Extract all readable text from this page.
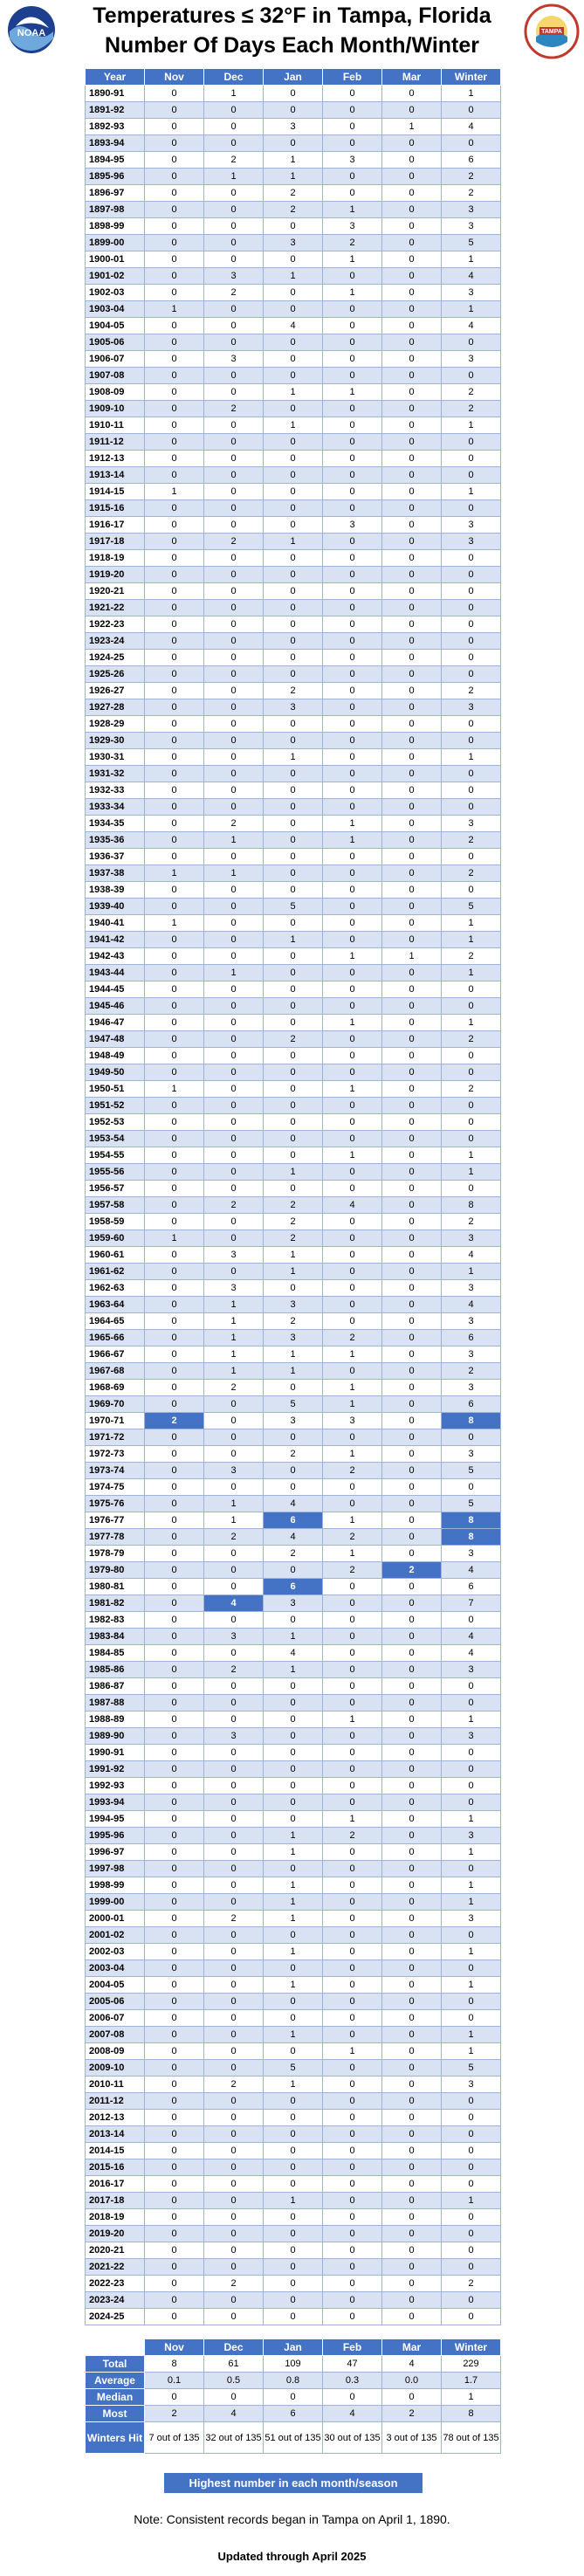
NOAA
Temperatures ≤ 32°F in Tampa, Florida
Number Of Days Each Month/Winter
TAMPA
Year	Nov	Dec	Jan	Feb	Mar	Winter
1890-91	0	1	0	0	0	1
1891-92	0	0	0	0	0	0
1892-93	0	0	3	0	1	4
1893-94	0	0	0	0	0	0
1894-95	0	2	1	3	0	6
1895-96	0	1	1	0	0	2
1896-97	0	0	2	0	0	2
1897-98	0	0	2	1	0	3
1898-99	0	0	0	3	0	3
1899-00	0	0	3	2	0	5
1900-01	0	0	0	1	0	1
1901-02	0	3	1	0	0	4
1902-03	0	2	0	1	0	3
1903-04	1	0	0	0	0	1
1904-05	0	0	4	0	0	4
1905-06	0	0	0	0	0	0
1906-07	0	3	0	0	0	3
1907-08	0	0	0	0	0	0
1908-09	0	0	1	1	0	2
1909-10	0	2	0	0	0	2
1910-11	0	0	1	0	0	1
1911-12	0	0	0	0	0	0
1912-13	0	0	0	0	0	0
1913-14	0	0	0	0	0	0
1914-15	1	0	0	0	0	1
1915-16	0	0	0	0	0	0
1916-17	0	0	0	3	0	3
1917-18	0	2	1	0	0	3
1918-19	0	0	0	0	0	0
1919-20	0	0	0	0	0	0
1920-21	0	0	0	0	0	0
1921-22	0	0	0	0	0	0
1922-23	0	0	0	0	0	0
1923-24	0	0	0	0	0	0
1924-25	0	0	0	0	0	0
1925-26	0	0	0	0	0	0
1926-27	0	0	2	0	0	2
1927-28	0	0	3	0	0	3
1928-29	0	0	0	0	0	0
1929-30	0	0	0	0	0	0
1930-31	0	0	1	0	0	1
1931-32	0	0	0	0	0	0
1932-33	0	0	0	0	0	0
1933-34	0	0	0	0	0	0
1934-35	0	2	0	1	0	3
1935-36	0	1	0	1	0	2
1936-37	0	0	0	0	0	0
1937-38	1	1	0	0	0	2
1938-39	0	0	0	0	0	0
1939-40	0	0	5	0	0	5
1940-41	1	0	0	0	0	1
1941-42	0	0	1	0	0	1
1942-43	0	0	0	1	1	2
1943-44	0	1	0	0	0	1
1944-45	0	0	0	0	0	0
1945-46	0	0	0	0	0	0
1946-47	0	0	0	1	0	1
1947-48	0	0	2	0	0	2
1948-49	0	0	0	0	0	0
1949-50	0	0	0	0	0	0
1950-51	1	0	0	1	0	2
1951-52	0	0	0	0	0	0
1952-53	0	0	0	0	0	0
1953-54	0	0	0	0	0	0
1954-55	0	0	0	1	0	1
1955-56	0	0	1	0	0	1
1956-57	0	0	0	0	0	0
1957-58	0	2	2	4	0	8
1958-59	0	0	2	0	0	2
1959-60	1	0	2	0	0	3
1960-61	0	3	1	0	0	4
1961-62	0	0	1	0	0	1
1962-63	0	3	0	0	0	3
1963-64	0	1	3	0	0	4
1964-65	0	1	2	0	0	3
1965-66	0	1	3	2	0	6
1966-67	0	1	1	1	0	3
1967-68	0	1	1	0	0	2
1968-69	0	2	0	1	0	3
1969-70	0	0	5	1	0	6
1970-71	2	0	3	3	0	8
1971-72	0	0	0	0	0	0
1972-73	0	0	2	1	0	3
1973-74	0	3	0	2	0	5
1974-75	0	0	0	0	0	0
1975-76	0	1	4	0	0	5
1976-77	0	1	6	1	0	8
1977-78	0	2	4	2	0	8
1978-79	0	0	2	1	0	3
1979-80	0	0	0	2	2	4
1980-81	0	0	6	0	0	6
1981-82	0	4	3	0	0	7
1982-83	0	0	0	0	0	0
1983-84	0	3	1	0	0	4
1984-85	0	0	4	0	0	4
1985-86	0	2	1	0	0	3
1986-87	0	0	0	0	0	0
1987-88	0	0	0	0	0	0
1988-89	0	0	0	1	0	1
1989-90	0	3	0	0	0	3
1990-91	0	0	0	0	0	0
1991-92	0	0	0	0	0	0
1992-93	0	0	0	0	0	0
1993-94	0	0	0	0	0	0
1994-95	0	0	0	1	0	1
1995-96	0	0	1	2	0	3
1996-97	0	0	1	0	0	1
1997-98	0	0	0	0	0	0
1998-99	0	0	1	0	0	1
1999-00	0	0	1	0	0	1
2000-01	0	2	1	0	0	3
2001-02	0	0	0	0	0	0
2002-03	0	0	1	0	0	1
2003-04	0	0	0	0	0	0
2004-05	0	0	1	0	0	1
2005-06	0	0	0	0	0	0
2006-07	0	0	0	0	0	0
2007-08	0	0	1	0	0	1
2008-09	0	0	0	1	0	1
2009-10	0	0	5	0	0	5
2010-11	0	2	1	0	0	3
2011-12	0	0	0	0	0	0
2012-13	0	0	0	0	0	0
2013-14	0	0	0	0	0	0
2014-15	0	0	0	0	0	0
2015-16	0	0	0	0	0	0
2016-17	0	0	0	0	0	0
2017-18	0	0	1	0	0	1
2018-19	0	0	0	0	0	0
2019-20	0	0	0	0	0	0
2020-21	0	0	0	0	0	0
2021-22	0	0	0	0	0	0
2022-23	0	2	0	0	0	2
2023-24	0	0	0	0	0	0
2024-25	0	0	0	0	0	0
	Nov	Dec	Jan	Feb	Mar	Winter
Total	8	61	109	47	4	229
Average	0.1	0.5	0.8	0.3	0.0	1.7
Median	0	0	0	0	0	1
Most	2	4	6	4	2	8
Winters Hit	7 out of 135	32 out of 135	51 out of 135	30 out of 135	3 out of 135	78 out of 135
Highest number in each month/season
Note: Consistent records began in Tampa on April 1, 1890.
Updated through April 2025
